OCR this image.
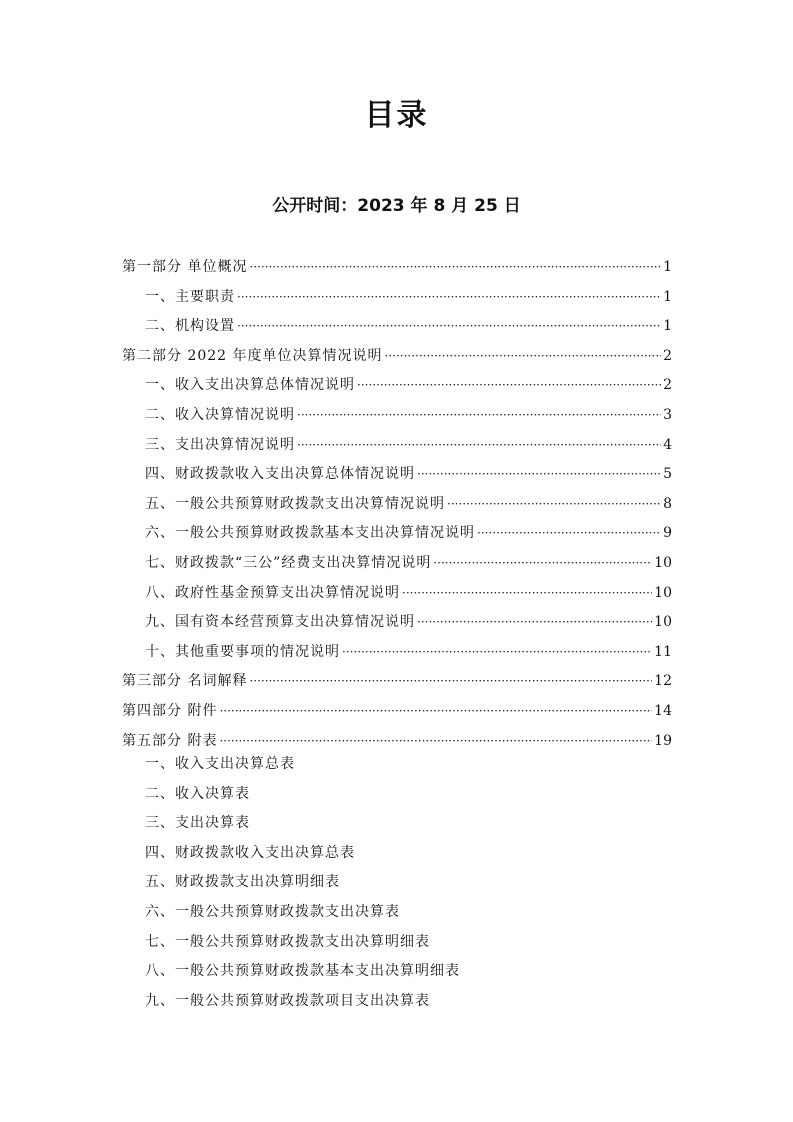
目录
公开时间：2023 年 8 月 25 日
第一部分 单位概况 ·····	1
一、主要职责 ·····	1
二、机构设置 ·····	1
第二部分 2022 年度单位决算情况说明 ·····	2
一、收入支出决算总体情况说明 ·····	2
二、收入决算情况说明 ·····	3
三、支出决算情况说明 ·····	4
四、财政拨款收入支出决算总体情况说明 ·····	5
五、一般公共预算财政拨款支出决算情况说明 ·····	8
六、一般公共预算财政拨款基本支出决算情况说明 ·····	9
七、财政拨款“三公”经费支出决算情况说明 ·····	10
八、政府性基金预算支出决算情况说明 ·····	10
九、国有资本经营预算支出决算情况说明 ·····	10
十、其他重要事项的情况说明 ·····	11
第三部分 名词解释 ·····	12
第四部分 附件 ·····	14
第五部分 附表 ·····	19
一、收入支出决算总表
二、收入决算表
三、支出决算表
四、财政拨款收入支出决算总表
五、财政拨款支出决算明细表
六、一般公共预算财政拨款支出决算表
七、一般公共预算财政拨款支出决算明细表
八、一般公共预算财政拨款基本支出决算明细表
九、一般公共预算财政拨款项目支出决算表
